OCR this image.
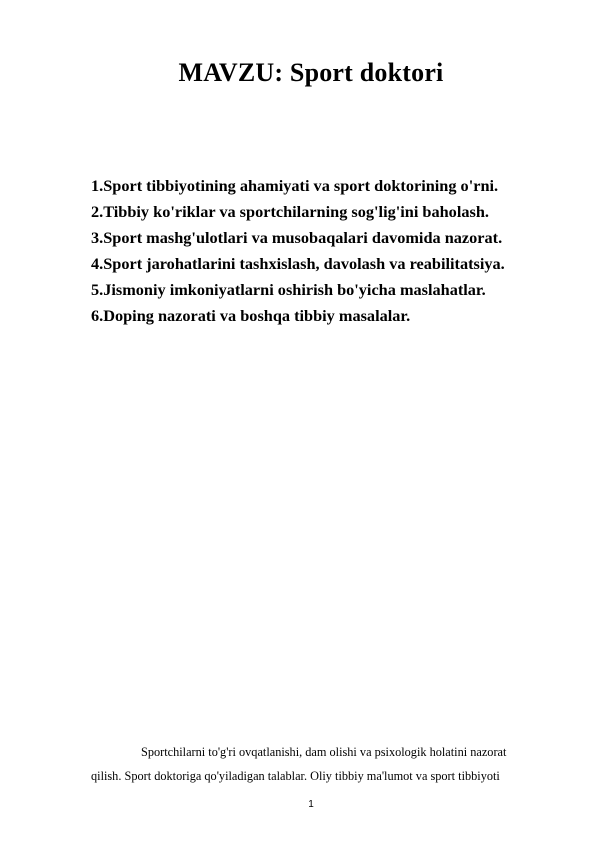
MAVZU: Sport doktori
1.Sport tibbiyotining ahamiyati va sport doktorining o'rni.
2.Tibbiy ko'riklar va sportchilarning sog'lig'ini baholash.
3.Sport mashg'ulotlari va musobaqalari davomida nazorat.
4.Sport jarohatlarini tashxislash, davolash va reabilitatsiya.
5.Jismoniy imkoniyatlarni oshirish bo'yicha maslahatlar.
6.Doping nazorati va boshqa tibbiy masalalar.

Sportchilarni to'g'ri ovqatlanishi, dam olishi va psixologik holatini nazorat
qilish. Sport doktoriga qo'yiladigan talablar. Oliy tibbiy ma'lumot va sport tibbiyoti

1
